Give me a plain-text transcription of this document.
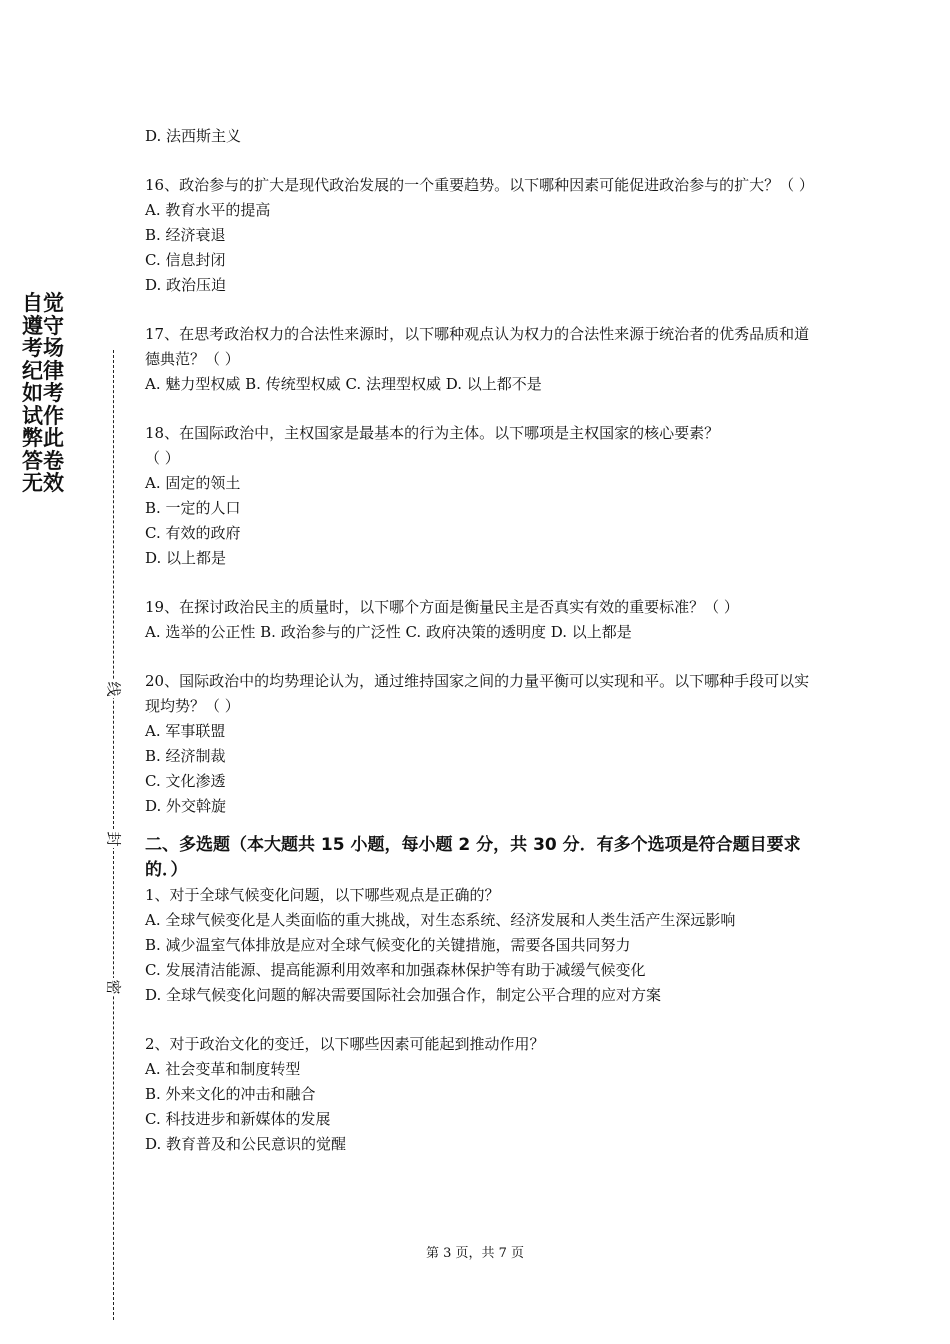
自觉遵守考场纪律如考试作弊此答卷无效
线
封
密
D. 法西斯主义
16、政治参与的扩大是现代政治发展的一个重要趋势。以下哪种因素可能促进政治参与的扩大？（ ）
A. 教育水平的提高
B. 经济衰退
C. 信息封闭
D. 政治压迫
17、在思考政治权力的合法性来源时，以下哪种观点认为权力的合法性来源于统治者的优秀品质和道德典范？（ ）
A. 魅力型权威 B. 传统型权威 C. 法理型权威 D. 以上都不是
18、在国际政治中，主权国家是最基本的行为主体。以下哪项是主权国家的核心要素？
（ ）
A. 固定的领土
B. 一定的人口
C. 有效的政府
D. 以上都是
19、在探讨政治民主的质量时，以下哪个方面是衡量民主是否真实有效的重要标准？（ ）
A. 选举的公正性 B. 政治参与的广泛性 C. 政府决策的透明度 D. 以上都是
20、国际政治中的均势理论认为，通过维持国家之间的力量平衡可以实现和平。以下哪种手段可以实现均势？（ ）
A. 军事联盟
B. 经济制裁
C. 文化渗透
D. 外交斡旋
二、多选题（本大题共 15 小题，每小题 2 分，共 30 分．有多个选项是符合题目要求的．）
1、对于全球气候变化问题，以下哪些观点是正确的？
A. 全球气候变化是人类面临的重大挑战，对生态系统、经济发展和人类生活产生深远影响
B. 减少温室气体排放是应对全球气候变化的关键措施，需要各国共同努力
C. 发展清洁能源、提高能源利用效率和加强森林保护等有助于减缓气候变化
D. 全球气候变化问题的解决需要国际社会加强合作，制定公平合理的应对方案
2、对于政治文化的变迁，以下哪些因素可能起到推动作用？
A. 社会变革和制度转型
B. 外来文化的冲击和融合
C. 科技进步和新媒体的发展
D. 教育普及和公民意识的觉醒
第 3 页，共 7 页
